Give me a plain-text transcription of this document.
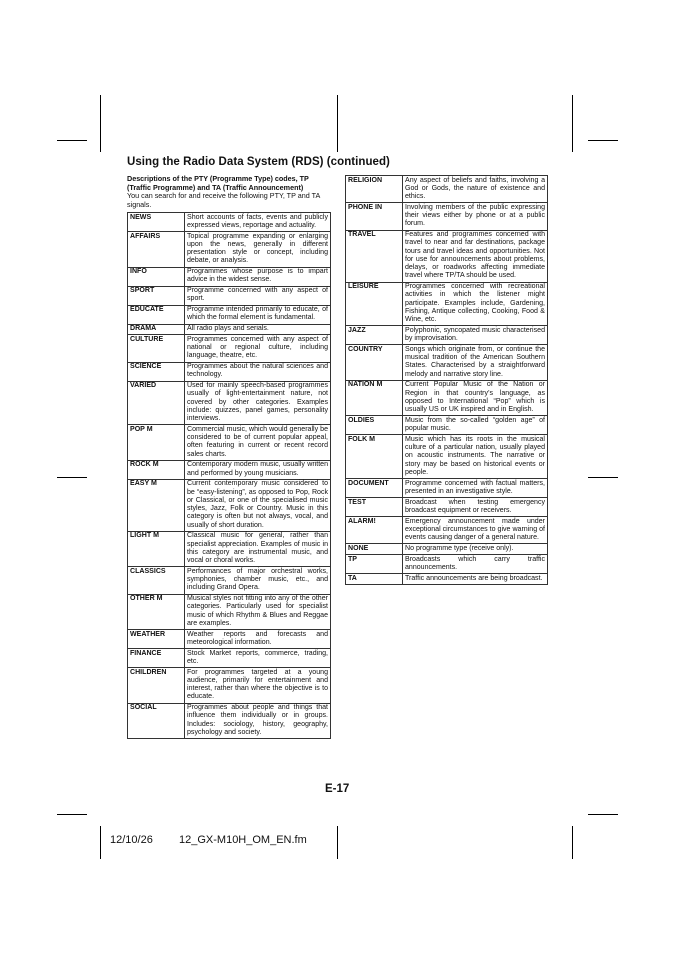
Using the Radio Data System (RDS) (continued)
Descriptions of the PTY (Programme Type) codes, TP (Traffic Programme) and TA (Traffic Announcement)
You can search for and receive the following PTY, TP and TA signals.
NEWS	Short accounts of facts, events and publicly expressed views, reportage and actuality.
AFFAIRS	Topical programme expanding or enlarging upon the news, generally in different presentation style or concept, including debate, or analysis.
INFO	Programmes whose purpose is to impart advice in the widest sense.
SPORT	Programme concerned with any aspect of sport.
EDUCATE	Programme intended primarily to educate, of which the formal element is fundamental.
DRAMA	All radio plays and serials.
CULTURE	Programmes concerned with any aspect of national or regional culture, including language, theatre, etc.
SCIENCE	Programmes about the natural sciences and technology.
VARIED	Used for mainly speech-based programmes usually of light-entertainment nature, not covered by other categories. Examples include: quizzes, panel games, personality interviews.
POP M	Commercial music, which would generally be considered to be of current popular appeal, often featuring in current or recent record sales charts.
ROCK M	Contemporary modern music, usually written and performed by young musicians.
EASY M	Current contemporary music considered to be “easy-listening”, as opposed to Pop, Rock or Classical, or one of the specialised music styles, Jazz, Folk or Country. Music in this category is often but not always, vocal, and usually of short duration.
LIGHT M	Classical music for general, rather than specialist appreciation. Examples of music in this category are instrumental music, and vocal or choral works.
CLASSICS	Performances of major orchestral works, symphonies, chamber music, etc., and including Grand Opera.
OTHER M	Musical styles not fitting into any of the other categories. Particularly used for specialist music of which Rhythm & Blues and Reggae are examples.
WEATHER	Weather reports and forecasts and meteorological information.
FINANCE	Stock Market reports, commerce, trading, etc.
CHILDREN	For programmes targeted at a young audience, primarily for entertainment and interest, rather than where the objective is to educate.
SOCIAL	Programmes about people and things that influence them individually or in groups. Includes: sociology, history, geography, psychology and society.
RELIGION	Any aspect of beliefs and faiths, involving a God or Gods, the nature of existence and ethics.
PHONE IN	Involving members of the public expressing their views either by phone or at a public forum.
TRAVEL	Features and programmes concerned with travel to near and far destinations, package tours and travel ideas and opportunities. Not for use for announcements about problems, delays, or roadworks affecting immediate travel where TP/TA should be used.
LEISURE	Programmes concerned with recreational activities in which the listener might participate. Examples include, Gardening, Fishing, Antique collecting, Cooking, Food & Wine, etc.
JAZZ	Polyphonic, syncopated music characterised by improvisation.
COUNTRY	Songs which originate from, or continue the musical tradition of the American Southern States. Characterised by a straightforward melody and narrative story line.
NATION M	Current Popular Music of the Nation or Region in that country’s language, as opposed to International “Pop” which is usually US or UK inspired and in English.
OLDIES	Music from the so-called “golden age” of popular music.
FOLK M	Music which has its roots in the musical culture of a particular nation, usually played on acoustic instruments. The narrative or story may be based on historical events or people.
DOCUMENT	Programme concerned with factual matters, presented in an investigative style.
TEST	Broadcast when testing emergency broadcast equipment or receivers.
ALARM!	Emergency announcement made under exceptional circumstances to give warning of events causing danger of a general nature.
NONE	No programme type (receive only).
TP	Broadcasts which carry traffic announcements.
TA	Traffic announcements are being broadcast.
E-17
12/10/26 12_GX-M10H_OM_EN.fm
